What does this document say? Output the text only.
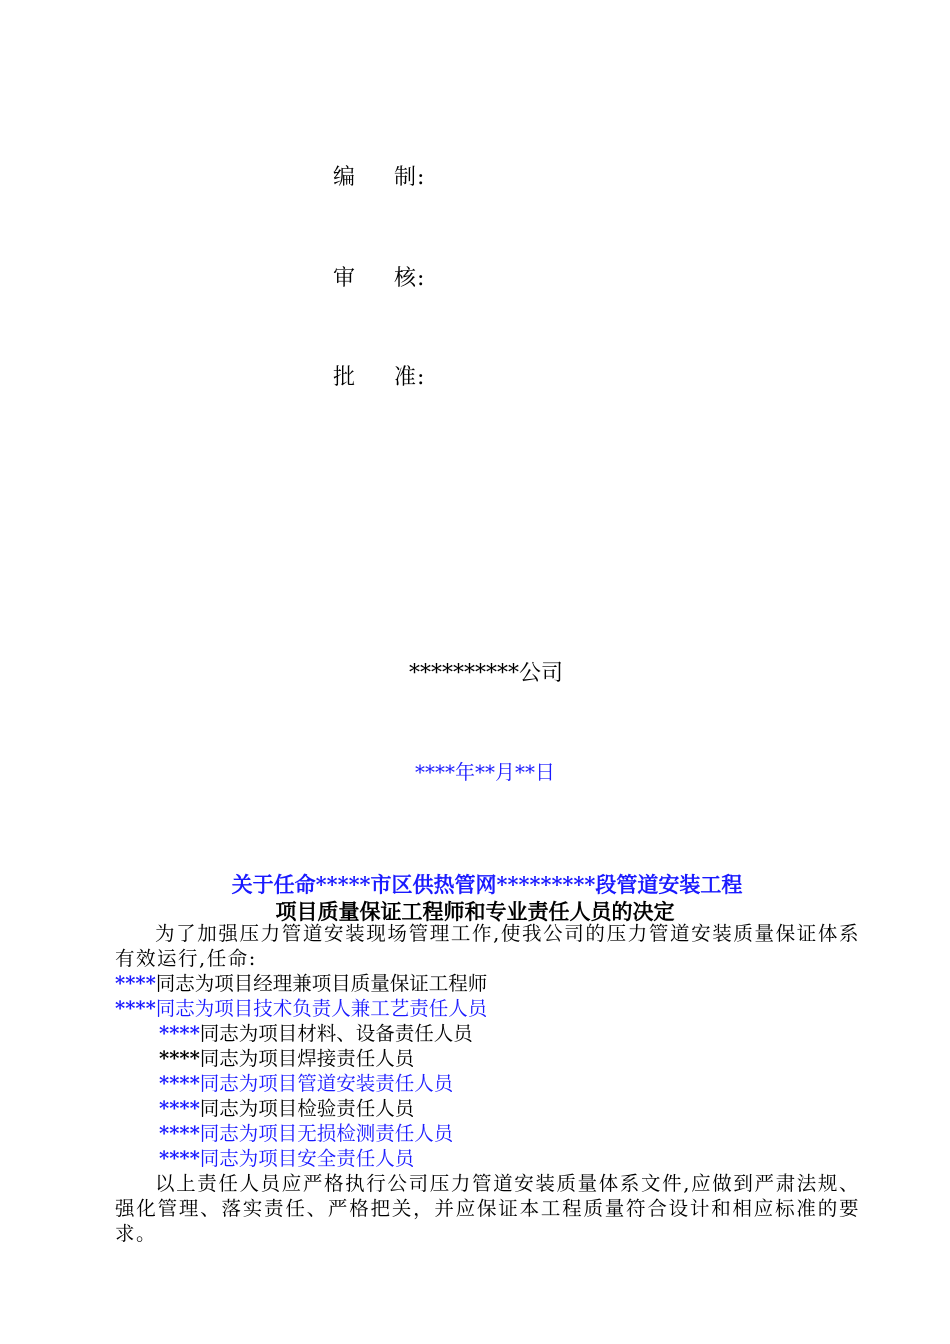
编 制:
审 核:
批 准:
**********公司
****年**月**日
关于任命*****市区供热管网*********段管道安装工程
项目质量保证工程师和专业责任人员的决定
为了加强压力管道安装现场管理工作,使我公司的压力管道安装质量保证体系有效运行,任命:
****同志为项目经理兼项目质量保证工程师
****同志为项目技术负责人兼工艺责任人员
****同志为项目材料、设备责任人员
****同志为项目焊接责任人员
****同志为项目管道安装责任人员
****同志为项目检验责任人员
****同志为项目无损检测责任人员
****同志为项目安全责任人员
以上责任人员应严格执行公司压力管道安装质量体系文件,应做到严肃法规、强化管理、落实责任、严格把关，并应保证本工程质量符合设计和相应标准的要求。
